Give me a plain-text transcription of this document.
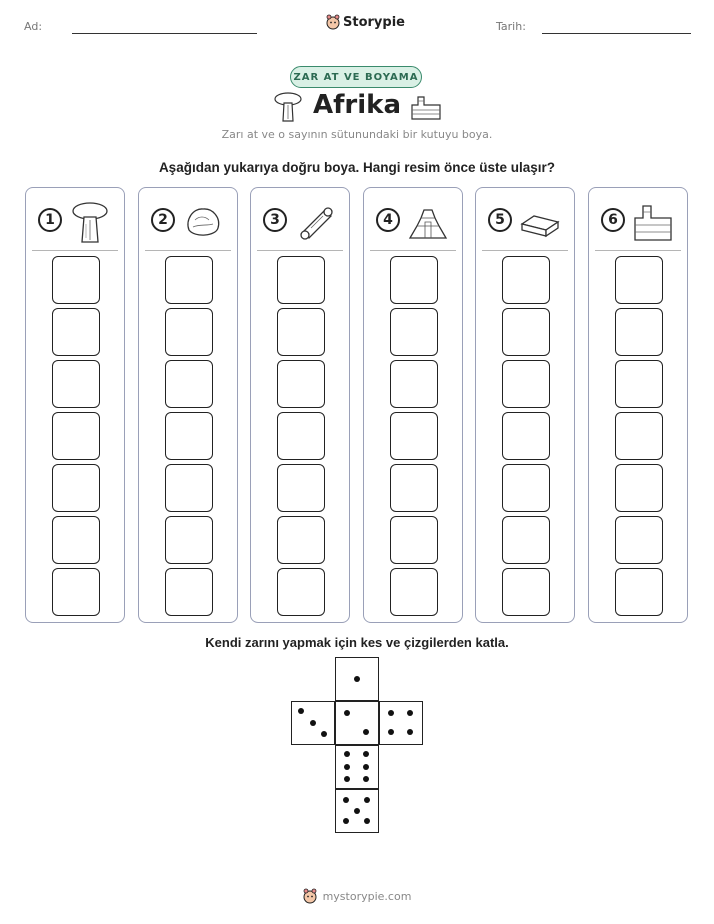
Ad:	Storypie	Tarih:
ZAR AT VE BOYAMA
Afrika
Zarı at ve o sayının sütunundaki bir kutuyu boya.
Aşağıdan yukarıya doğru boya. Hangi resim önce üste ulaşır?
1	2	3	4	5	6
Kendi zarını yapmak için kes ve çizgilerden katla.
mystorypie.com
